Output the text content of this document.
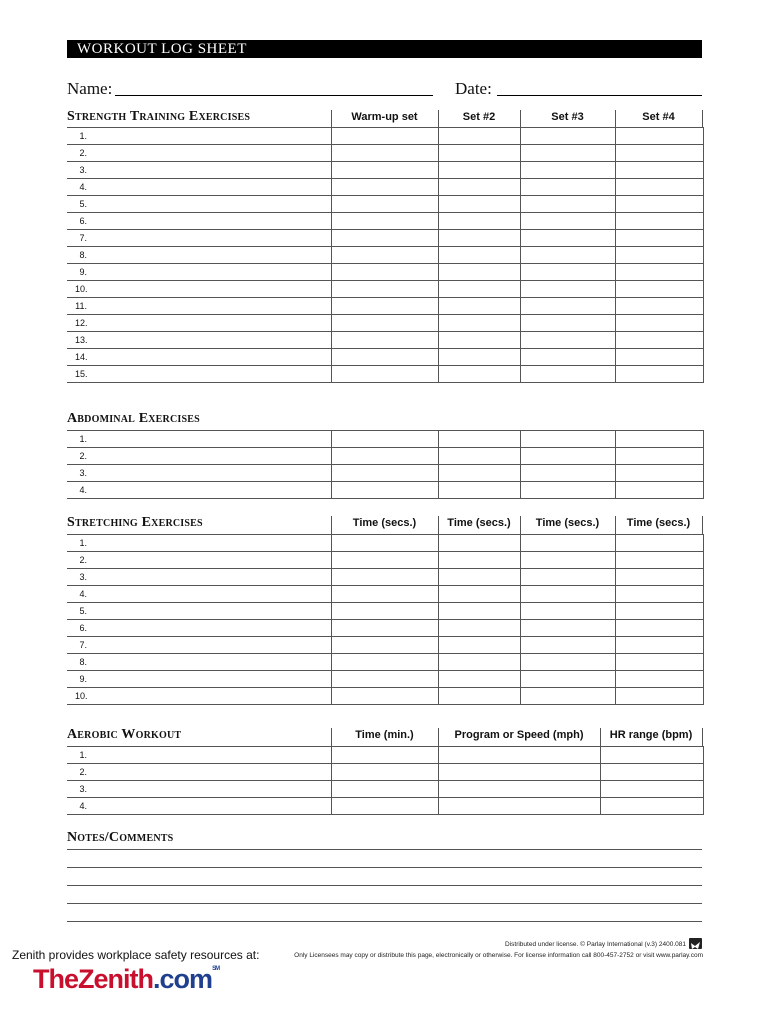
WORKOUT LOG SHEET
Name:	Date:
Strength Training Exercises	Warm-up set	Set #2	Set #3	Set #4
1.				
2.				
3.				
4.				
5.				
6.				
7.				
8.				
9.				
10.				
11.				
12.				
13.				
14.				
15.				
Abdominal Exercises
1.				
2.				
3.				
4.				
Stretching Exercises	Time (secs.)	Time (secs.)	Time (secs.)	Time (secs.)
1.				
2.				
3.				
4.				
5.				
6.				
7.				
8.				
9.				
10.				
Aerobic Workout	Time (min.)	Program or Speed (mph)	HR range (bpm)
1.			
2.			
3.			
4.			
Notes/Comments
Zenith provides workplace safety resources at:
TheZenith.com℠
Distributed under license. © Parlay International (v.3) 2400.081
Only Licensees may copy or distribute this page, electronically or otherwise. For license information call 800-457-2752 or visit www.parlay.com
